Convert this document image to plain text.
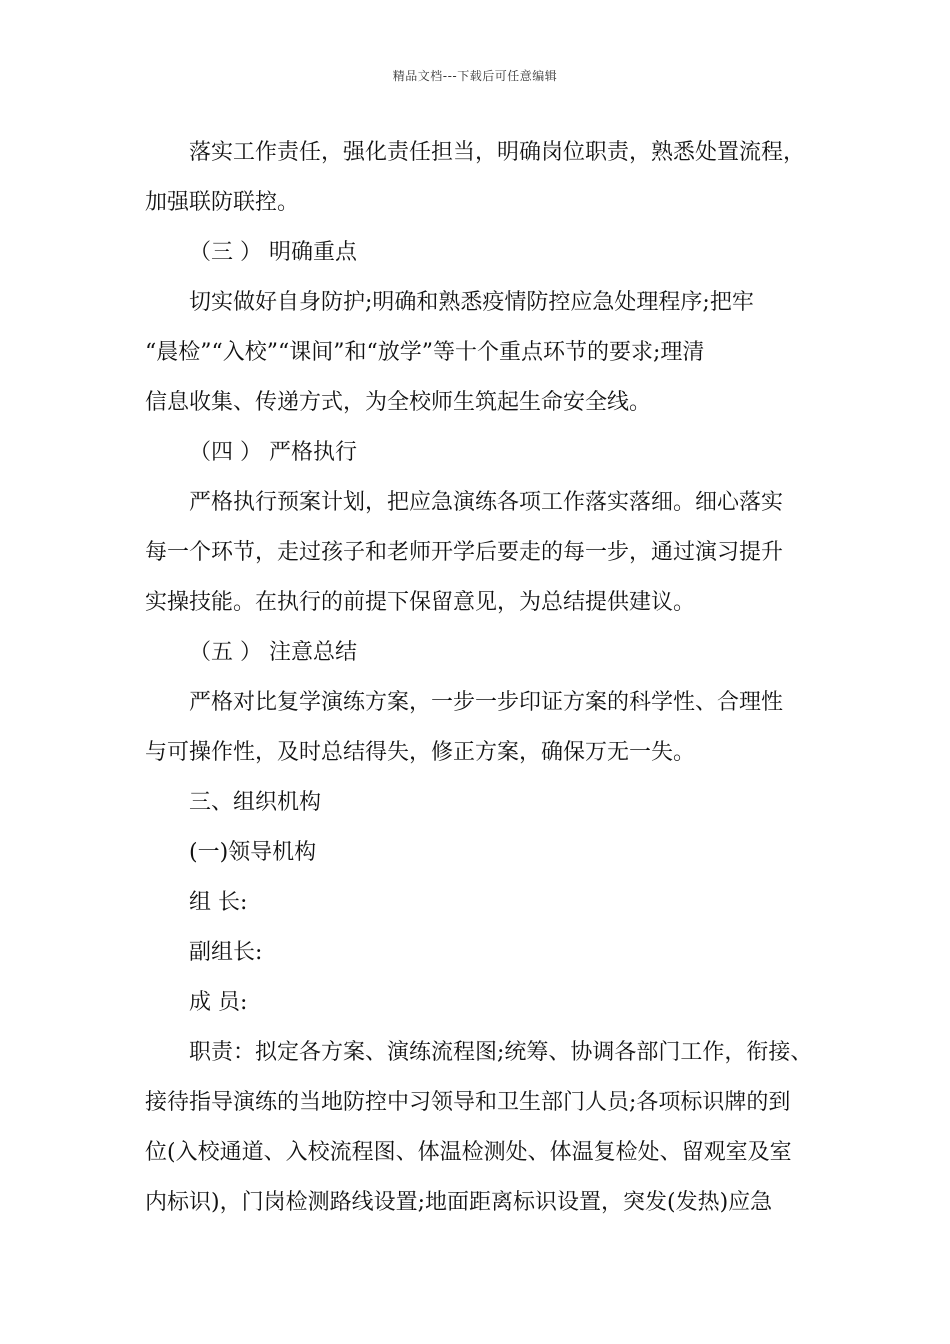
精品文档---下载后可任意编辑
落实工作责任，强化责任担当，明确岗位职责，熟悉处置流程，
加强联防联控。
（三 ） 明确重点
切实做好自身防护;明确和熟悉疫情防控应急处理程序;把牢
“晨检”“入校”“课间”和“放学”等十个重点环节的要求;理清
信息收集、传递方式，为全校师生筑起生命安全线。
（四 ） 严格执行
严格执行预案计划，把应急演练各项工作落实落细。细心落实
每一个环节，走过孩子和老师开学后要走的每一步，通过演习提升
实操技能。在执行的前提下保留意见，为总结提供建议。
（五 ） 注意总结
严格对比复学演练方案，一步一步印证方案的科学性、合理性
与可操作性，及时总结得失，修正方案，确保万无一失。
三、组织机构
(一)领导机构
组 长:
副组长:
成 员:
职责：拟定各方案、演练流程图;统筹、协调各部门工作，衔接、
接待指导演练的当地防控中习领导和卫生部门人员;各项标识牌的到
位(入校通道、入校流程图、体温检测处、体温复检处、留观室及室
内标识)，门岗检测路线设置;地面距离标识设置，突发(发热)应急
